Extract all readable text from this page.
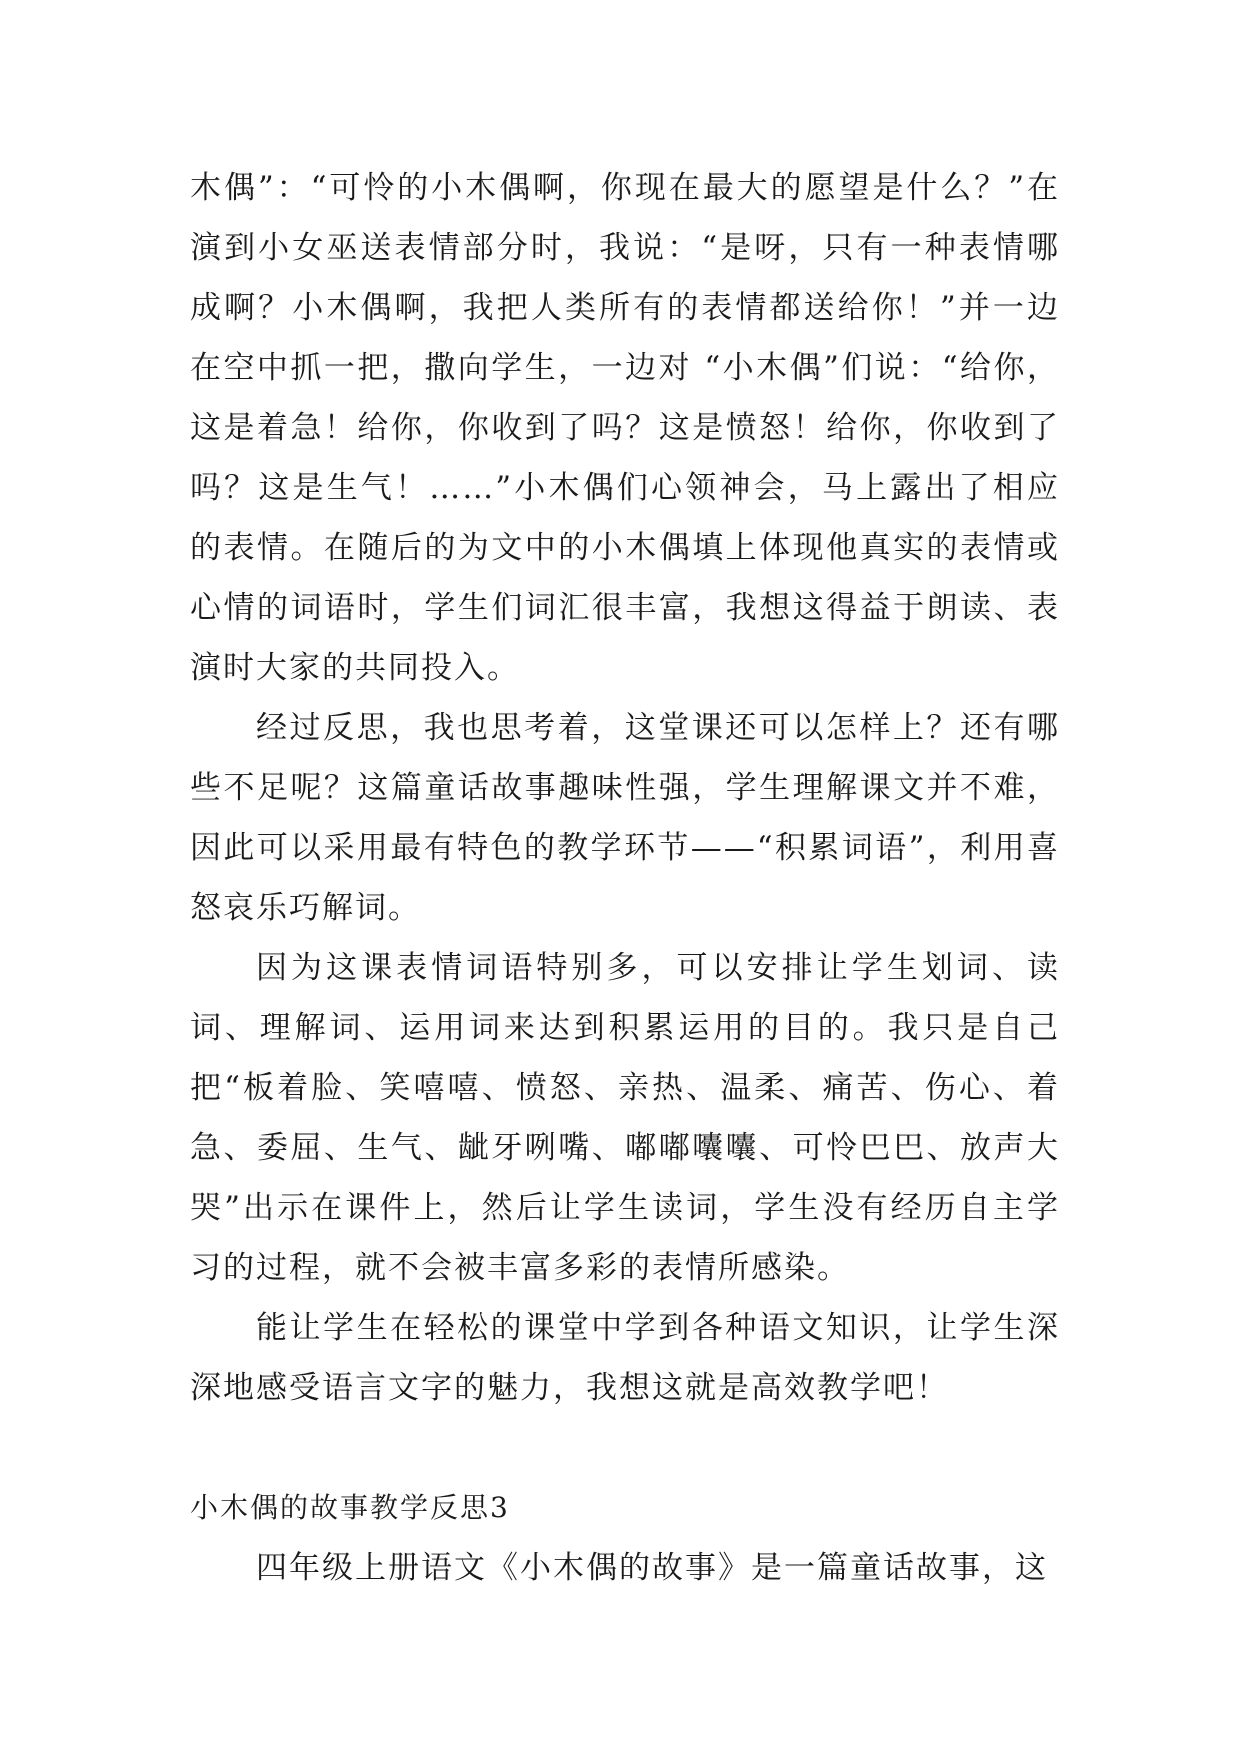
木偶”：“可怜的小木偶啊，你现在最大的愿望是什么？”在演到小女巫送表情部分时，我说：“是呀，只有一种表情哪成啊？小木偶啊，我把人类所有的表情都送给你！”并一边在空中抓一把，撒向学生，一边对 “小木偶”们说：“给你，这是着急！给你，你收到了吗？这是愤怒！给你，你收到了吗？这是生气！……”小木偶们心领神会，马上露出了相应的表情。在随后的为文中的小木偶填上体现他真实的表情或心情的词语时，学生们词汇很丰富，我想这得益于朗读、表演时大家的共同投入。

经过反思，我也思考着，这堂课还可以怎样上？还有哪些不足呢？这篇童话故事趣味性强，学生理解课文并不难，因此可以采用最有特色的教学环节——“积累词语”，利用喜怒哀乐巧解词。

因为这课表情词语特别多，可以安排让学生划词、读词、理解词、运用词来达到积累运用的目的。我只是自己把“板着脸、笑嘻嘻、愤怒、亲热、温柔、痛苦、伤心、着急、委屈、生气、龇牙咧嘴、嘟嘟囔囔、可怜巴巴、放声大哭”出示在课件上，然后让学生读词，学生没有经历自主学习的过程，就不会被丰富多彩的表情所感染。

能让学生在轻松的课堂中学到各种语文知识，让学生深深地感受语言文字的魅力，我想这就是高效教学吧！

小木偶的故事教学反思3

四年级上册语文《小木偶的故事》是一篇童话故事，这
